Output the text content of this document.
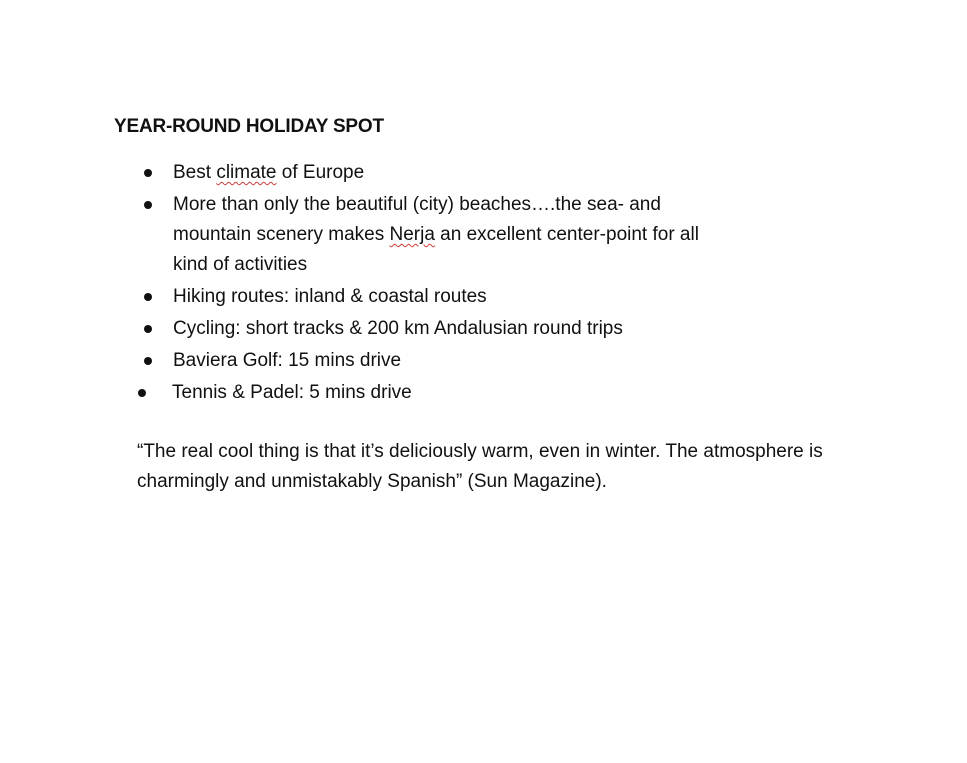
YEAR-ROUND HOLIDAY SPOT
Best climate of Europe
More than only the beautiful (city) beaches….the sea- and mountain scenery makes Nerja an excellent center-point for all kind of activities
Hiking routes: inland & coastal routes
Cycling: short tracks & 200 km Andalusian round trips
Baviera Golf: 15 mins drive
Tennis & Padel: 5 mins drive

“The real cool thing is that it’s deliciously warm, even in winter. The atmosphere is charmingly and unmistakably Spanish” (Sun Magazine).
